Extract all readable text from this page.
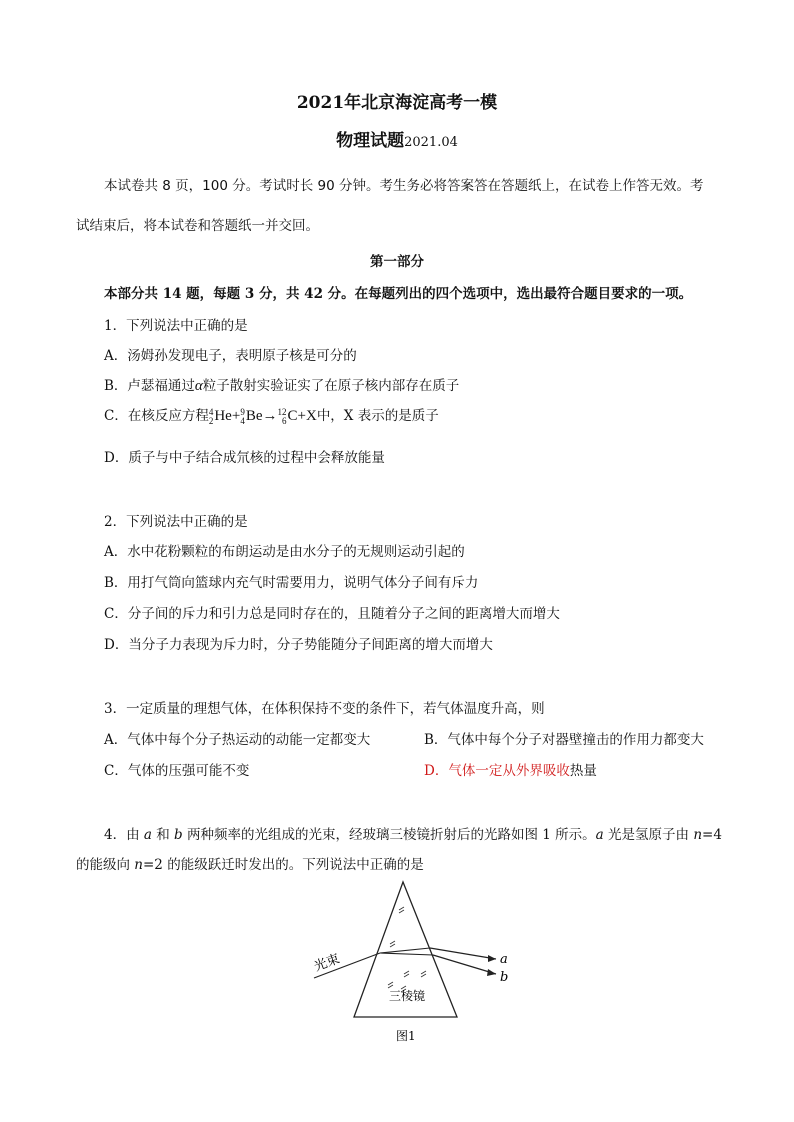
2021年北京海淀高考一模
物理试题2021.04
本试卷共 8 页，100 分。考试时长 90 分钟。考生务必将答案答在答题纸上，在试卷上作答无效。考
试结束后，将本试卷和答题纸一并交回。
第一部分
本部分共 14 题，每题 3 分，共 42 分。在每题列出的四个选项中，选出最符合题目要求的一项。
1．下列说法中正确的是
A．汤姆孙发现电子，表明原子核是可分的
B．卢瑟福通过α粒子散射实验证实了在原子核内部存在质子
C．在核反应方程 4
2 He+ 9
4 Be→ 12
6 C+X中，X 表示的是质子
D．质子与中子结合成氘核的过程中会释放能量
2．下列说法中正确的是
A．水中花粉颗粒的布朗运动是由水分子的无规则运动引起的
B．用打气筒向篮球内充气时需要用力，说明气体分子间有斥力
C．分子间的斥力和引力总是同时存在的，且随着分子之间的距离增大而增大
D．当分子力表现为斥力时，分子势能随分子间距离的增大而增大
3．一定质量的理想气体，在体积保持不变的条件下，若气体温度升高，则
A．气体中每个分子热运动的动能一定都变大	B．气体中每个分子对器壁撞击的作用力都变大
C．气体的压强可能不变	D．气体一定从外界吸收热量
4．由 a 和 b 两种频率的光组成的光束，经玻璃三棱镜折射后的光路如图 1 所示。a 光是氢原子由 n=4
的能级向 n=2 的能级跃迁时发出的。下列说法中正确的是
光束
三棱镜
a
b
图1
